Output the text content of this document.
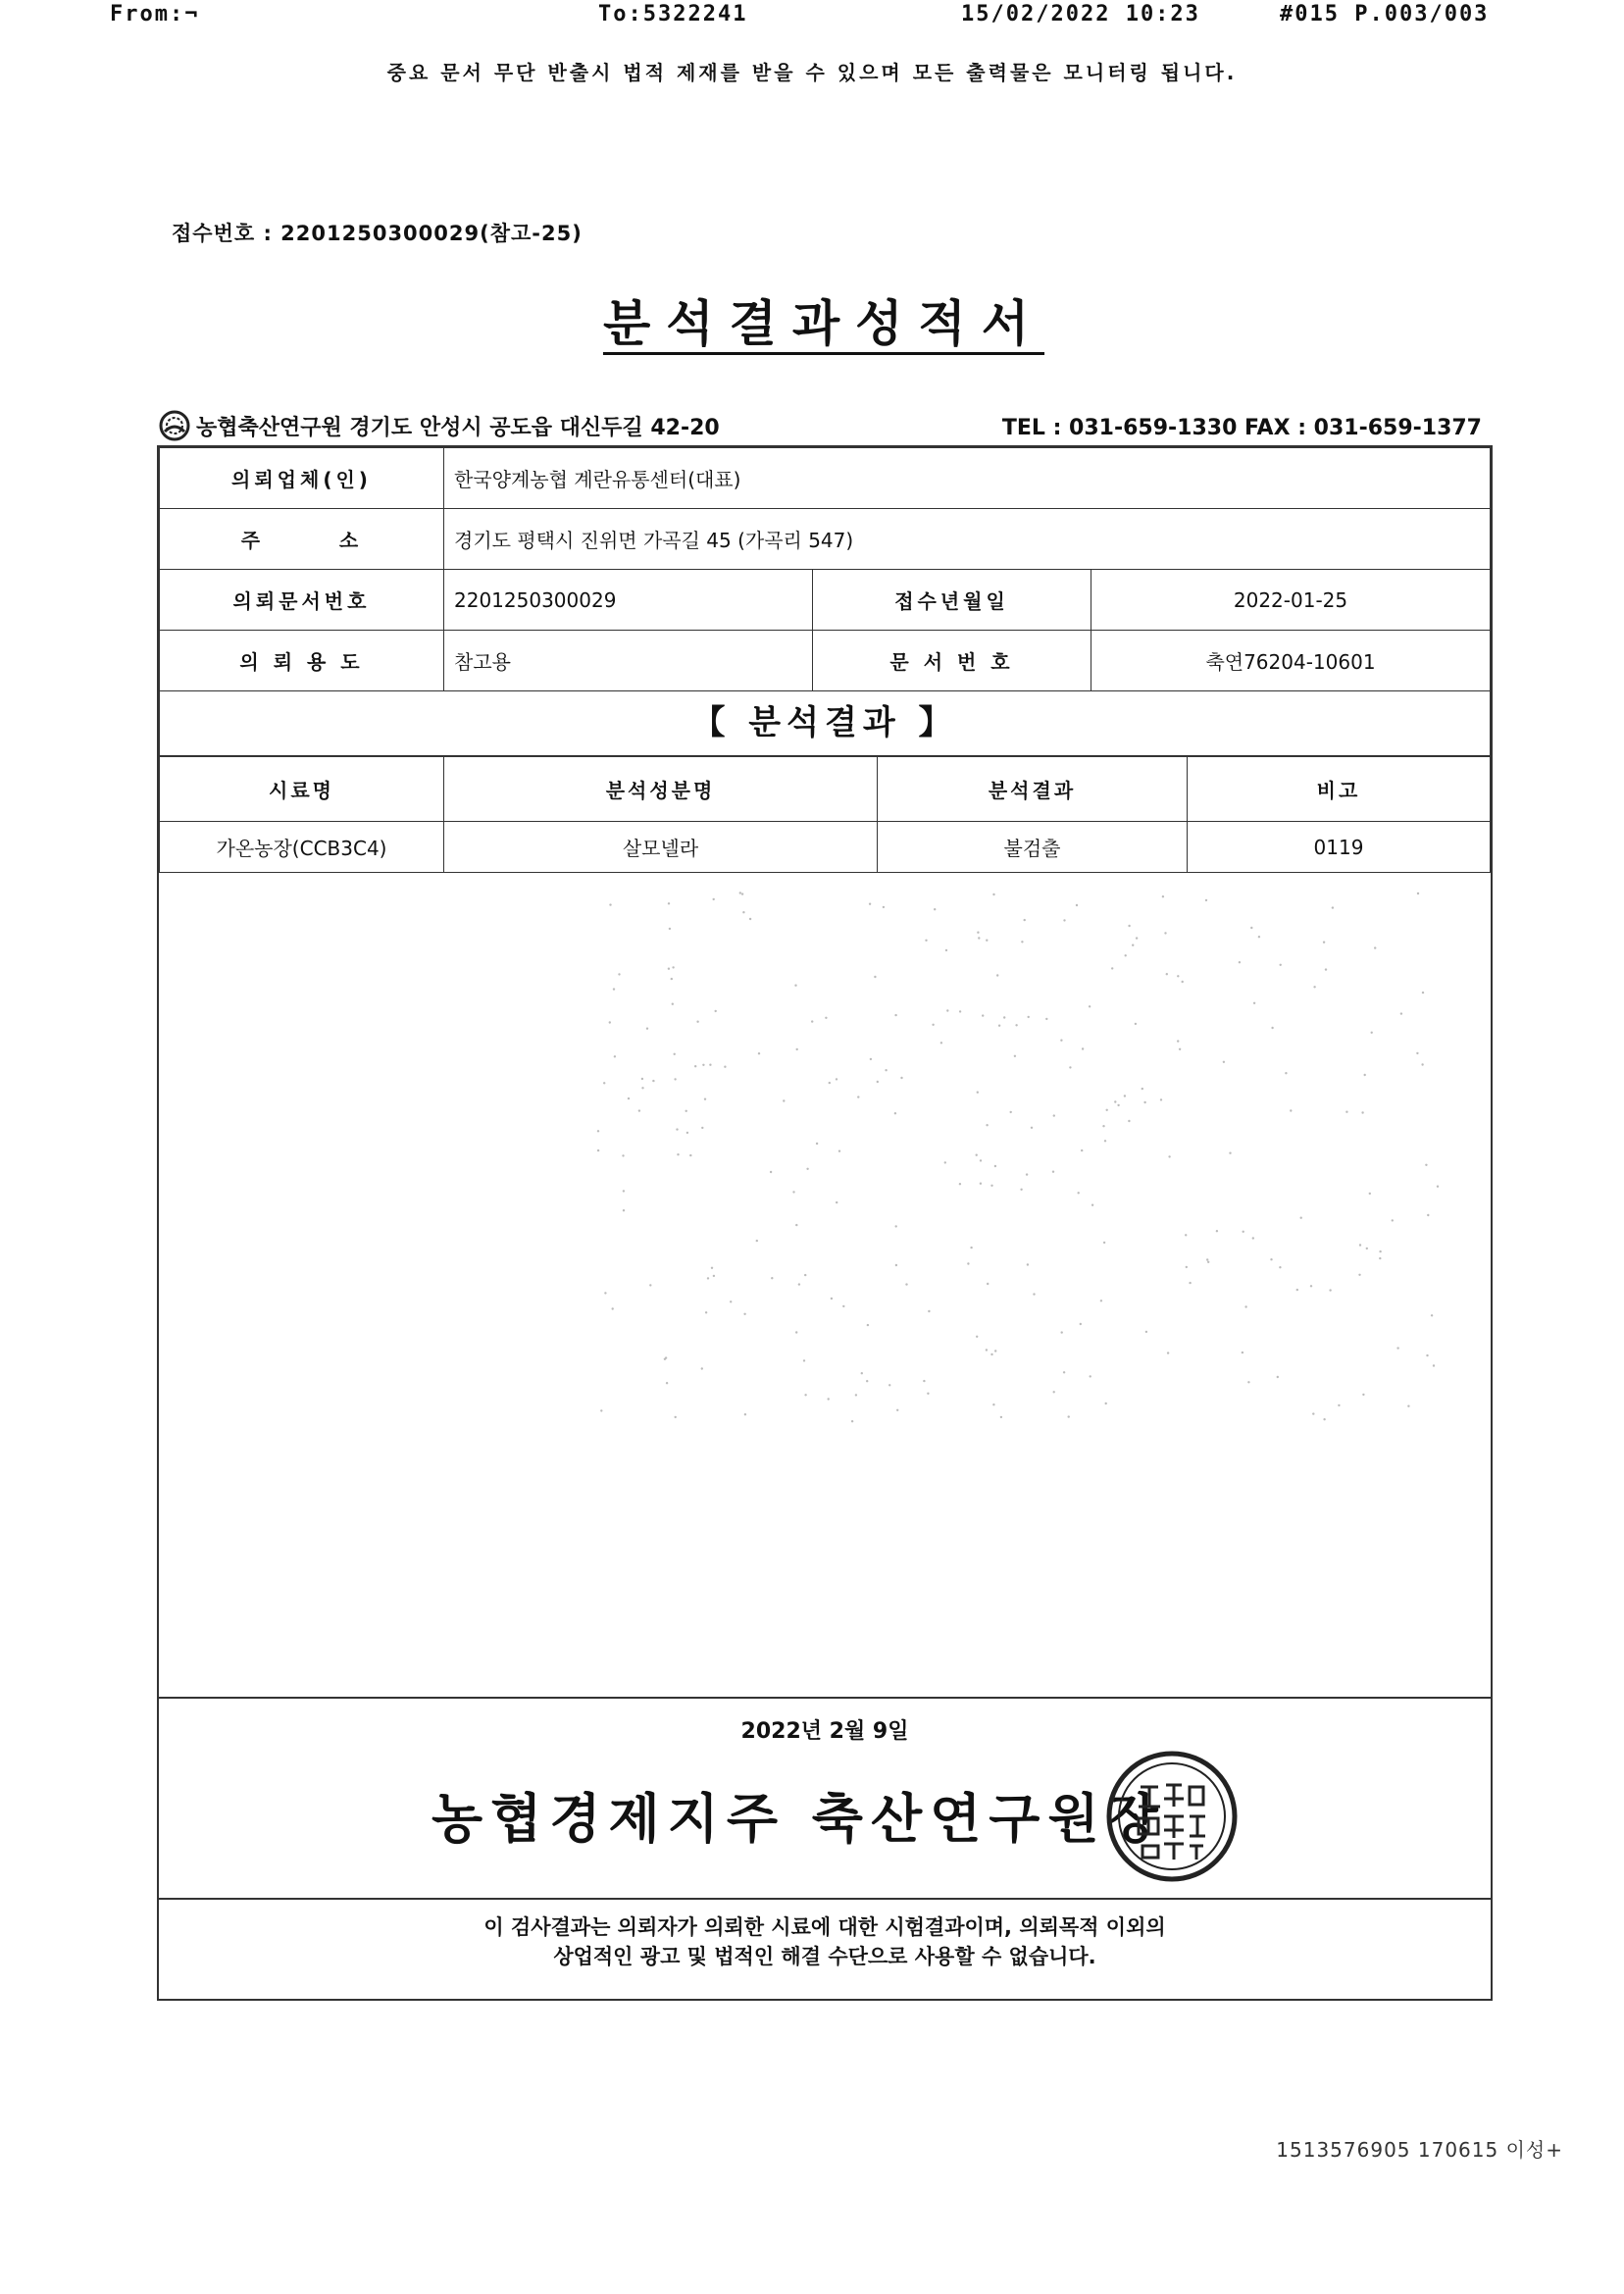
From:¬	To:5322241	15/02/2022 10:23	#015 P.003/003
중요 문서 무단 반출시 법적 제재를 받을 수 있으며 모든 출력물은 모니터링 됩니다.
접수번호 : 2201250300029(참고-25)
분석결과성적서
농협축산연구원 경기도 안성시 공도읍 대신두길 42-20	TEL : 031-659-1330 FAX : 031-659-1377
의뢰업체(인)	한국양계농협 계란유통센터(대표)		
주       소	경기도 평택시 진위면 가곡길 45 (가곡리 547)		
의뢰문서번호	2201250300029	접수년월일	2022-01-25
의 뢰 용 도	참고용	문 서 번 호	축연76204-10601
【 분석결과 】
시료명	분석성분명	분석결과	비고
가온농장(CCB3C4)	살모넬라	불검출	0119
2022년 2월 9일
농협경제지주 축산연구원장
이 검사결과는 의뢰자가 의뢰한 시료에 대한 시험결과이며, 의뢰목적 이외의
상업적인 광고 및 법적인 해결 수단으로 사용할 수 없습니다.
1513576905 170615 이성+
